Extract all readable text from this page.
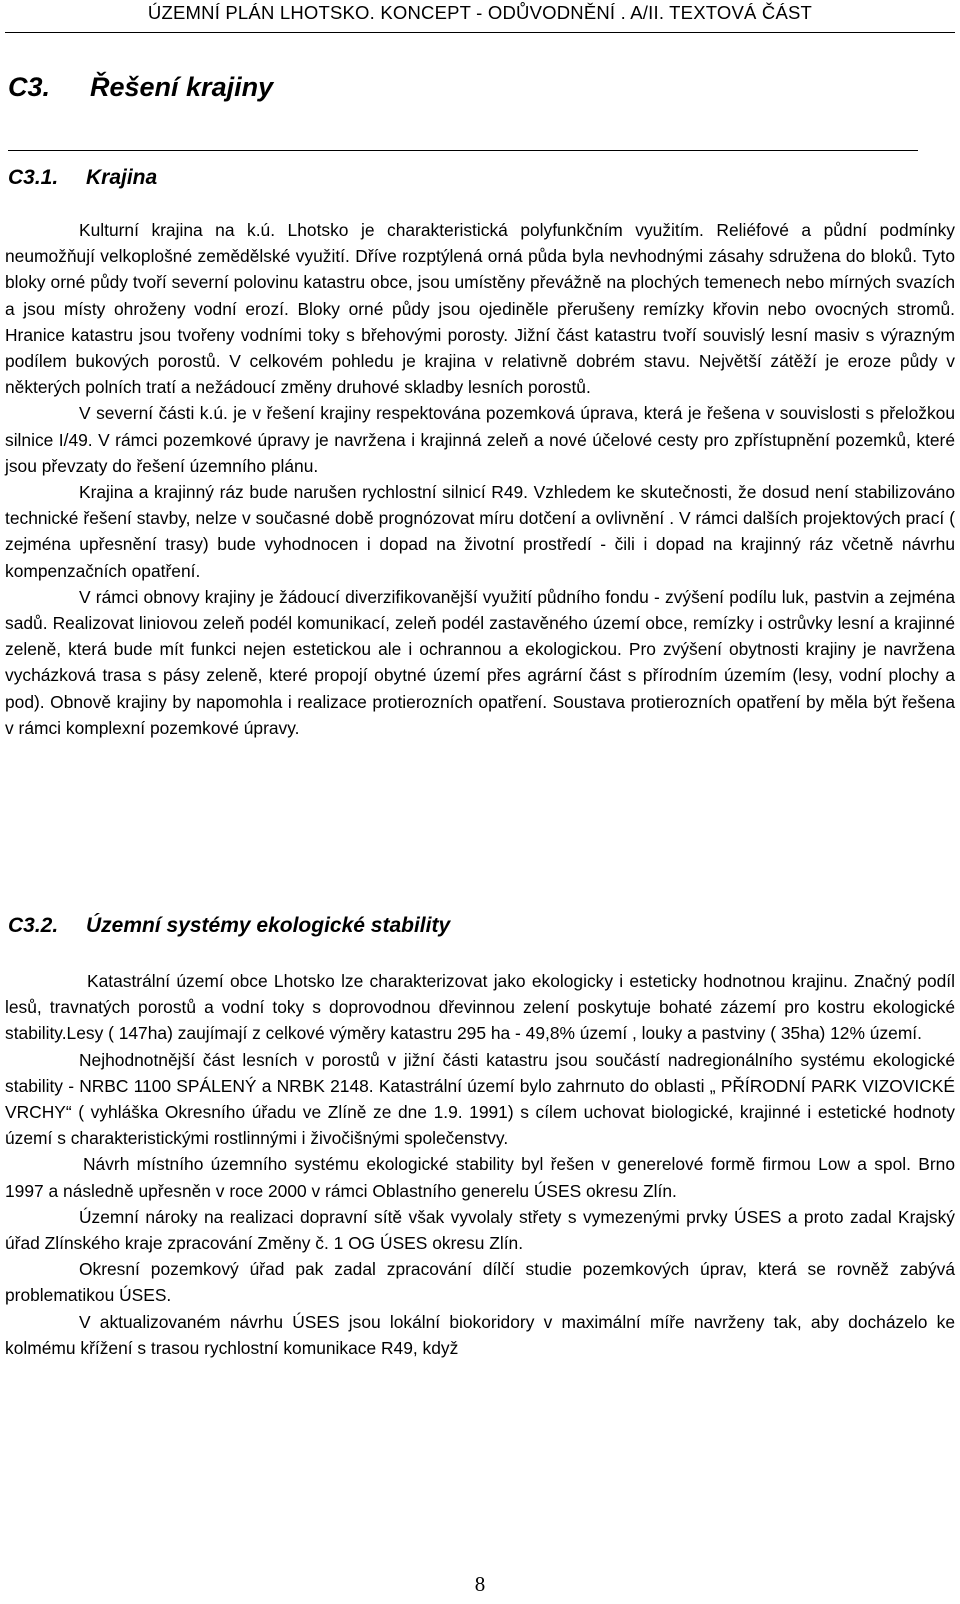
ÚZEMNÍ PLÁN LHOTSKO. KONCEPT - ODŮVODNĚNÍ . A/II. TEXTOVÁ ČÁST
C3. Řešení krajiny
C3.1. Krajina

Kulturní krajina na k.ú. Lhotsko je charakteristická polyfunkčním využitím. Reliéfové a půdní podmínky neumožňují velkoplošné zemědělské využití. Dříve rozptýlená orná půda byla nevhodnými zásahy sdružena do bloků. Tyto bloky orné půdy tvoří severní polovinu katastru obce, jsou umístěny převážně na plochých temenech nebo mírných svazích a jsou místy ohroženy vodní erozí. Bloky orné půdy jsou ojediněle přerušeny remízky křovin nebo ovocných stromů. Hranice katastru jsou tvořeny vodními toky s břehovými porosty. Jižní část katastru tvoří souvislý lesní masiv s výrazným podílem bukových porostů. V celkovém pohledu je krajina v relativně dobrém stavu. Největší zátěží je eroze půdy v některých polních tratí a nežádoucí změny druhové skladby lesních porostů.

V severní části k.ú. je v řešení krajiny respektována pozemková úprava, která je řešena v souvislosti s přeložkou silnice I/49. V rámci pozemkové úpravy je navržena i krajinná zeleň a nové účelové cesty pro zpřístupnění pozemků, které jsou převzaty do řešení územního plánu.

Krajina a krajinný ráz bude narušen rychlostní silnicí R49. Vzhledem ke skutečnosti, že dosud není stabilizováno technické řešení stavby, nelze v současné době prognózovat míru dotčení a ovlivnění . V rámci dalších projektových prací ( zejména upřesnění trasy) bude vyhodnocen i dopad na životní prostředí - čili i dopad na krajinný ráz včetně návrhu kompenzačních opatření.

V rámci obnovy krajiny je žádoucí diverzifikovanější využití půdního fondu - zvýšení podílu luk, pastvin a zejména sadů. Realizovat liniovou zeleň podél komunikací, zeleň podél zastavěného území obce, remízky i ostrůvky lesní a krajinné zeleně, která bude mít funkci nejen estetickou ale i ochrannou a ekologickou. Pro zvýšení obytnosti krajiny je navržena vycházková trasa s pásy zeleně, které propojí obytné území přes agrární část s přírodním územím (lesy, vodní plochy a pod). Obnově krajiny by napomohla i realizace protierozních opatření. Soustava protierozních opatření by měla být řešena v rámci komplexní pozemkové úpravy.

C3.2. Územní systémy ekologické stability

Katastrální území obce Lhotsko lze charakterizovat jako ekologicky i esteticky hodnotnou krajinu. Značný podíl lesů, travnatých porostů a vodní toky s doprovodnou dřevinnou zelení poskytuje bohaté zázemí pro kostru ekologické stability.Lesy ( 147ha) zaujímají z celkové výměry katastru 295 ha - 49,8% území , louky a pastviny ( 35ha) 12% území.

Nejhodnotnější část lesních v porostů v jižní části katastru jsou součástí nadregionálního systému ekologické stability - NRBC 1100 SPÁLENÝ a NRBK 2148. Katastrální území bylo zahrnuto do oblasti „ PŘÍRODNÍ PARK VIZOVICKÉ VRCHY“ ( vyhláška Okresního úřadu ve Zlíně ze dne 1.9. 1991) s cílem uchovat biologické, krajinné i estetické hodnoty území s charakteristickými rostlinnými i živočišnými společenstvy.

Návrh místního územního systému ekologické stability byl řešen v generelové formě firmou Low a spol. Brno 1997 a následně upřesněn v roce 2000 v rámci Oblastního generelu ÚSES okresu Zlín.

Územní nároky na realizaci dopravní sítě však vyvolaly střety s vymezenými prvky ÚSES a proto zadal Krajský úřad Zlínského kraje zpracování Změny č. 1 OG ÚSES okresu Zlín.

Okresní pozemkový úřad pak zadal zpracování dílčí studie pozemkových úprav, která se rovněž zabývá problematikou ÚSES.

V aktualizovaném návrhu ÚSES jsou lokální biokoridory v maximální míře navrženy tak, aby docházelo ke kolmému křížení s trasou rychlostní komunikace R49, když

8
